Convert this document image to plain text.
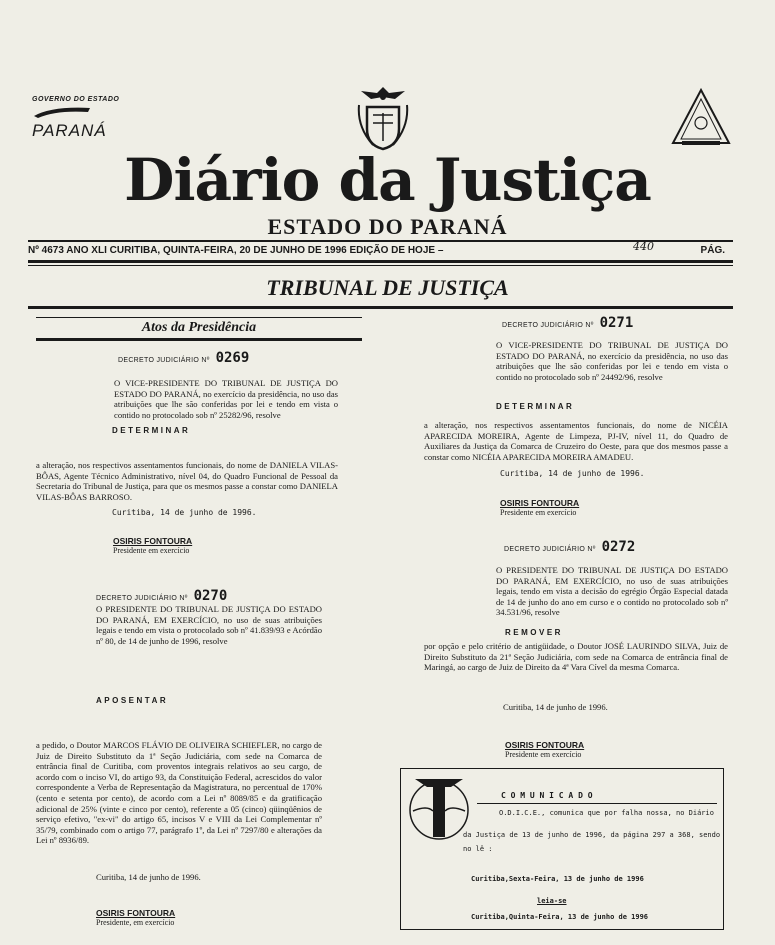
GOVERNO DO ESTADO
PARANÁ
Diário da Justiça
ESTADO DO PARANÁ
Nº 4673 ANO XLI CURITIBA, QUINTA-FEIRA, 20 DE JUNHO DE 1996 EDIÇÃO DE HOJE –	440	PÁG.
TRIBUNAL DE JUSTIÇA
Atos da Presidência
DECRETO JUDICIÁRIO Nº 0269
O VICE-PRESIDENTE DO TRIBUNAL DE JUSTIÇA DO ESTADO DO PARANÁ, no exercício da presidência, no uso das atribuições que lhe são conferidas por lei e tendo em vista o contido no protocolado sob nº 25282/96, resolve
DETERMINAR
a alteração, nos respectivos assentamentos funcionais, do nome de DANIELA VILAS-BÔAS, Agente Técnico Administrativo, nível 04, do Quadro Funcional de Pessoal da Secretaria do Tribunal de Justiça, para que os mesmos passe a constar como DANIELA VILAS-BÔAS BARROSO.
Curitiba, 14 de junho de 1996.
OSIRIS FONTOURA
Presidente em exercício
DECRETO JUDICIÁRIO Nº 0270
O PRESIDENTE DO TRIBUNAL DE JUSTIÇA DO ESTADO DO PARANÁ, EM EXERCÍCIO, no uso de suas atribuições legais e tendo em vista o protocolado sob nº 41.839/93 e Acórdão nº 80, de 14 de junho de 1996, resolve
APOSENTAR
a pedido, o Doutor MARCOS FLÁVIO DE OLIVEIRA SCHIEFLER, no cargo de Juiz de Direito Substituto da 1ª Seção Judiciária, com sede na Comarca de entrância final de Curitiba, com proventos integrais relativos ao seu cargo, de acordo com o inciso VI, do artigo 93, da Constituição Federal, acrescidos do valor correspondente a Verba de Representação da Magistratura, no percentual de 170% (cento e setenta por cento), de acordo com a Lei nº 8089/85 e da gratificação adicional de 25% (vinte e cinco por cento), referente a 05 (cinco) qüinqüênios de serviço efetivo, "ex-vi" do artigo 65, incisos V e VIII da Lei Complementar nº 35/79, combinado com o artigo 77, parágrafo 1º, da Lei nº 7297/80 e alterações da Lei nº 8936/89.
Curitiba, 14 de junho de 1996.
OSIRIS FONTOURA
Presidente, em exercício
DECRETO JUDICIÁRIO Nº 0271
O VICE-PRESIDENTE DO TRIBUNAL DE JUSTIÇA DO ESTADO DO PARANÁ, no exercício da presidência, no uso das atribuições que lhe são conferidas por lei e tendo em vista o contido no protocolado sob nº 24492/96, resolve
DETERMINAR
a alteração, nos respectivos assentamentos funcionais, do nome de NICÉIA APARECIDA MOREIRA, Agente de Limpeza, PJ-IV, nível 11, do Quadro de Auxiliares da Justiça da Comarca de Cruzeiro do Oeste, para que dos mesmos passe a constar como NICÉIA APARECIDA MOREIRA AMADEU.
Curitiba, 14 de junho de 1996.
OSIRIS FONTOURA
Presidente em exercício
DECRETO JUDICIÁRIO Nº 0272
O PRESIDENTE DO TRIBUNAL DE JUSTIÇA DO ESTADO DO PARANÁ, EM EXERCÍCIO, no uso de suas atribuições legais, tendo em vista a decisão do egrégio Órgão Especial datada de 14 de junho do ano em curso e o contido no protocolado sob nº 34.531/96, resolve
REMOVER
por opção e pelo critério de antigüidade, o Doutor JOSÉ LAURINDO SILVA, Juiz de Direito Substituto da 21ª Seção Judiciária, com sede na Comarca de entrância final de Maringá, ao cargo de Juiz de Direito da 4ª Vara Cível da mesma Comarca.
Curitiba, 14 de junho de 1996.
OSIRIS FONTOURA
Presidente em exercício
C O M U N I C A D O
O.D.I.C.E., comunica que por falha nossa, no Diário
da Justiça de 13 de junho de 1996, da página 297 a 368, sendo
no lê :
Curitiba,Sexta-Feira, 13 de junho de 1996
leia-se
Curitiba,Quinta-Feira, 13 de junho de 1996
